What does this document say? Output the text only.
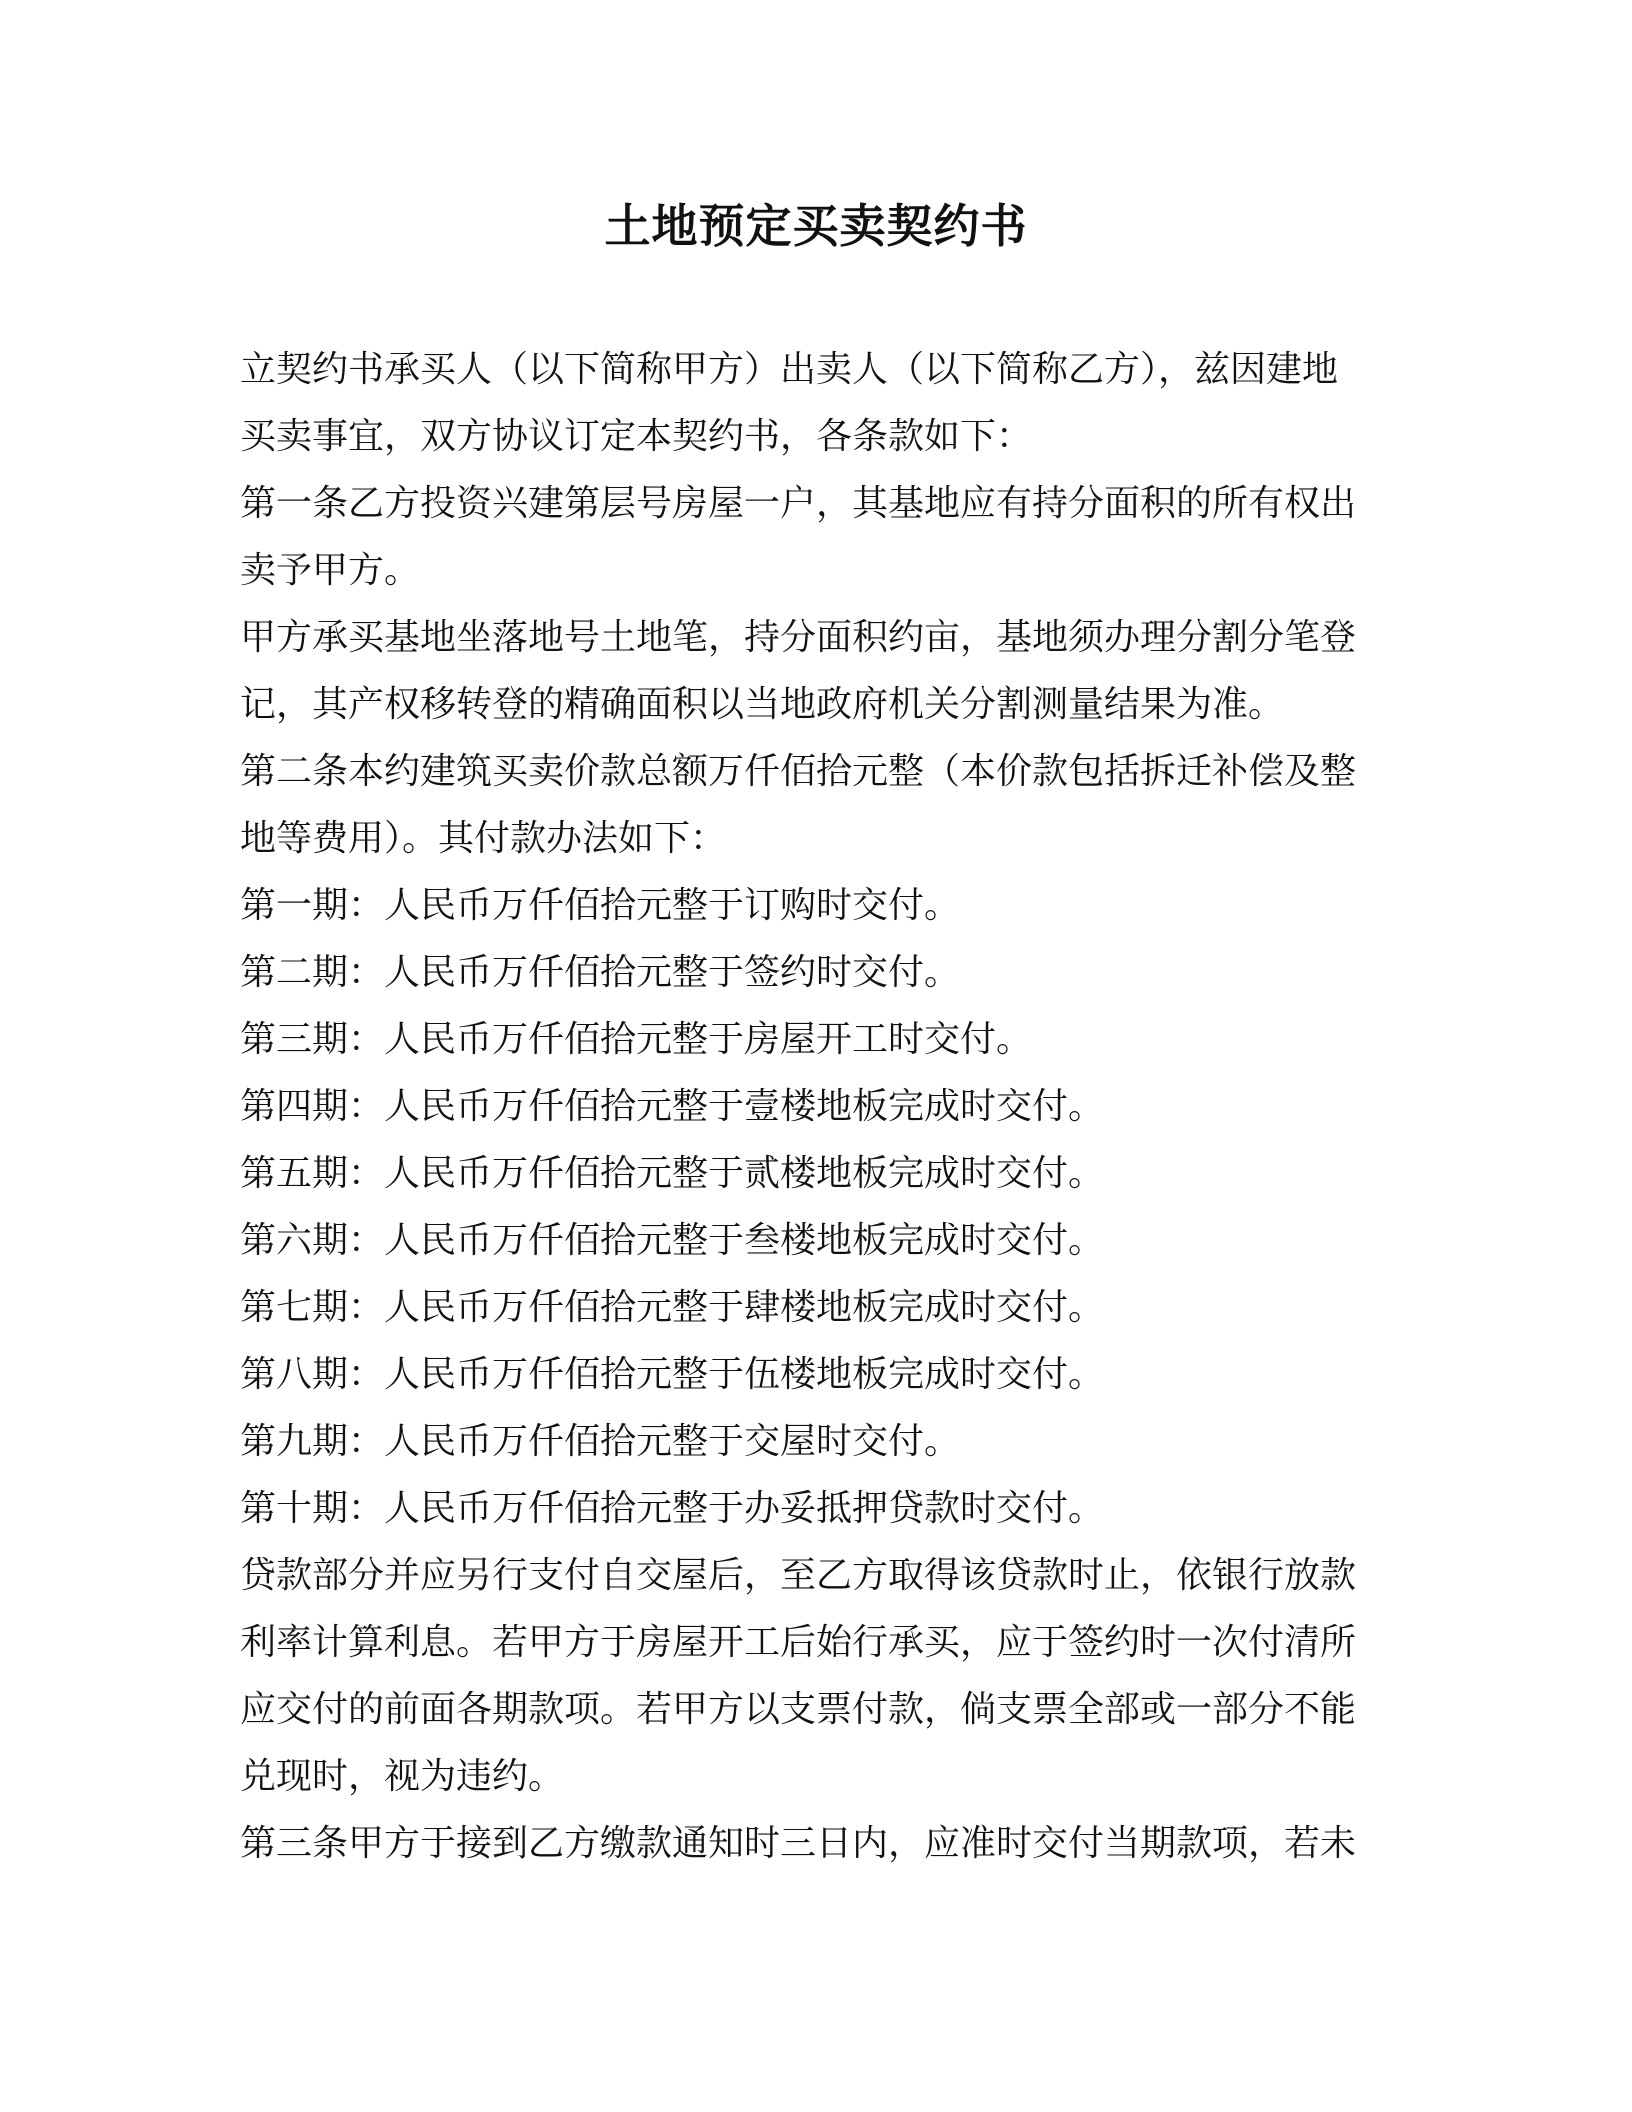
土地预定买卖契约书

立契约书承买人（以下简称甲方）出卖人（以下简称乙方），兹因建地

买卖事宜，双方协议订定本契约书，各条款如下：

第一条乙方投资兴建第层号房屋一户，其基地应有持分面积的所有权出

卖予甲方。

甲方承买基地坐落地号土地笔，持分面积约亩，基地须办理分割分笔登

记，其产权移转登的精确面积以当地政府机关分割测量结果为准。

第二条本约建筑买卖价款总额万仟佰拾元整（本价款包括拆迁补偿及整

地等费用）。其付款办法如下：

第一期：人民币万仟佰拾元整于订购时交付。

第二期：人民币万仟佰拾元整于签约时交付。

第三期：人民币万仟佰拾元整于房屋开工时交付。

第四期：人民币万仟佰拾元整于壹楼地板完成时交付。

第五期：人民币万仟佰拾元整于贰楼地板完成时交付。

第六期：人民币万仟佰拾元整于叁楼地板完成时交付。

第七期：人民币万仟佰拾元整于肆楼地板完成时交付。

第八期：人民币万仟佰拾元整于伍楼地板完成时交付。

第九期：人民币万仟佰拾元整于交屋时交付。

第十期：人民币万仟佰拾元整于办妥抵押贷款时交付。

贷款部分并应另行支付自交屋后，至乙方取得该贷款时止，依银行放款

利率计算利息。若甲方于房屋开工后始行承买，应于签约时一次付清所

应交付的前面各期款项。若甲方以支票付款，倘支票全部或一部分不能

兑现时，视为违约。

第三条甲方于接到乙方缴款通知时三日内，应准时交付当期款项，若未
